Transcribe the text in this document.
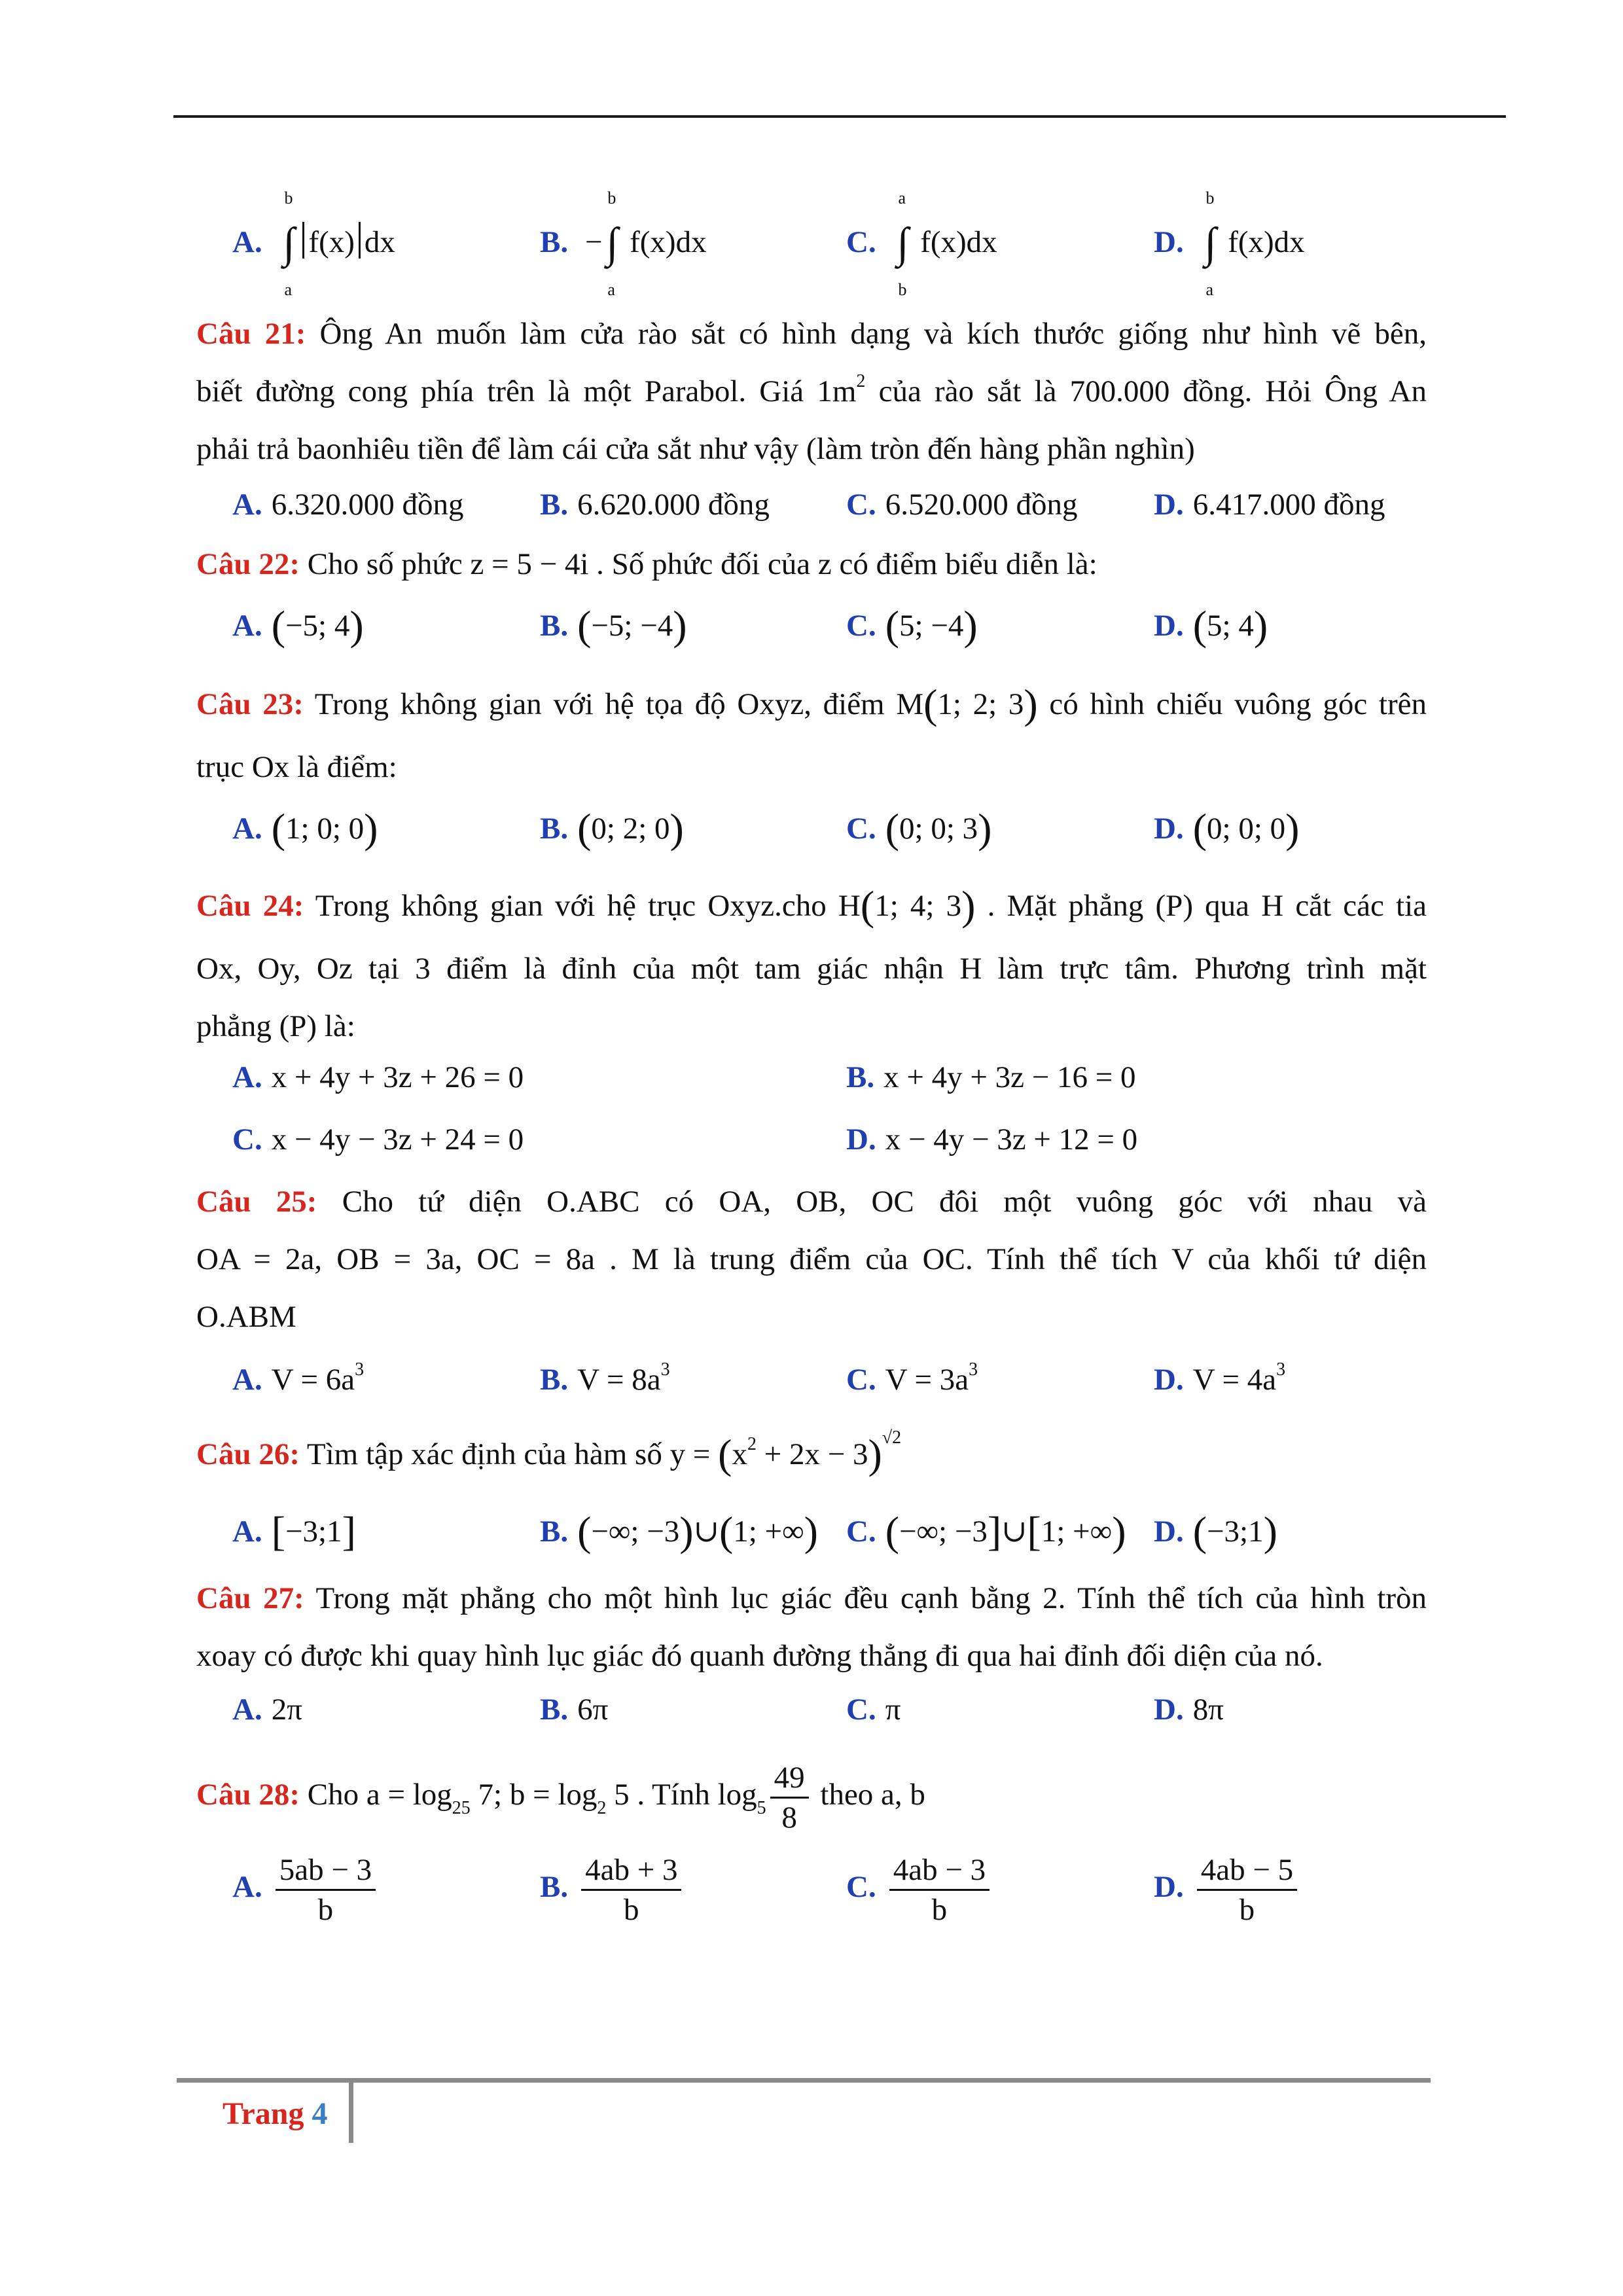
A.
b
∫
a
f(x) dx	B. −
b
∫
a
f(x)dx	C.
a
∫
b
f(x)dx	D.
b
∫
a
f(x)dx
Câu 21: Ông An muốn làm cửa rào sắt có hình dạng và kích thước giống như hình vẽ bên,
biết đường cong phía trên là một Parabol. Giá $1m^2$ của rào sắt là 700.000 đồng. Hỏi Ông An
phải trả baonhiêu tiền để làm cái cửa sắt như vậy (làm tròn đến hàng phần nghìn)
A. 6.320.000 đồng B. 6.620.000 đồng C. 6.520.000 đồng D. 6.417.000 đồng
Câu 22: Cho số phức z = 5 − 4i . Số phức đối của z có điểm biểu diễn là:
A. (−5; 4)	B. (−5; −4)	C. (5; −4)	D. (5; 4)
Câu 23: Trong không gian với hệ tọa độ Oxyz, điểm M(1; 2; 3) có hình chiếu vuông góc trên
trục Ox là điểm:
A. (1; 0; 0)	B. (0; 2; 0)	C. (0; 0; 3)	D. (0; 0; 0)
Câu 24: Trong không gian với hệ trục Oxyz.cho H(1; 4; 3) . Mặt phẳng (P) qua H cắt các tia
Ox, Oy, Oz tại 3 điểm là đỉnh của một tam giác nhận H làm trực tâm. Phương trình mặt
phẳng (P) là:
A. x + 4y + 3z + 26 = 0	B. x + 4y + 3z − 16 = 0
C. x − 4y − 3z + 24 = 0	D. x − 4y − 3z + 12 = 0
Câu 25: Cho tứ diện O.ABC có OA, OB, OC đôi một vuông góc với nhau và
OA = 2a, OB = 3a, OC = 8a . M là trung điểm của OC. Tính thể tích V của khối tứ diện
O.ABM
A. $V = 6a^3$	B. $V = 8a^3$	C. $V = 3a^3$	D. $V = 4a^3$
Câu 26: Tìm tập xác định của hàm số $y = (x^2 + 2x - 3)^{√2}$
A. [−3;1]	B. (−∞; −3)∪(1; +∞) C. (−∞; −3]∪[1; +∞) D. (−3;1)
Câu 27: Trong mặt phẳng cho một hình lục giác đều cạnh bằng 2. Tính thể tích của hình tròn
xoay có được khi quay hình lục giác đó quanh đường thẳng đi qua hai đỉnh đối diện của nó.
A. 2π	B. 6π	C. π	D. 8π
Câu 28: Cho $a = \log_{25} 7$; $b = \log_2 5$ . Tính $\log_5 \frac{49}{8}$ theo a, b
A. $\frac{5ab - 3}{b}$	B. $\frac{4ab + 3}{b}$	C. $\frac{4ab - 3}{b}$	D. $\frac{4ab - 5}{b}$
Trang 4
